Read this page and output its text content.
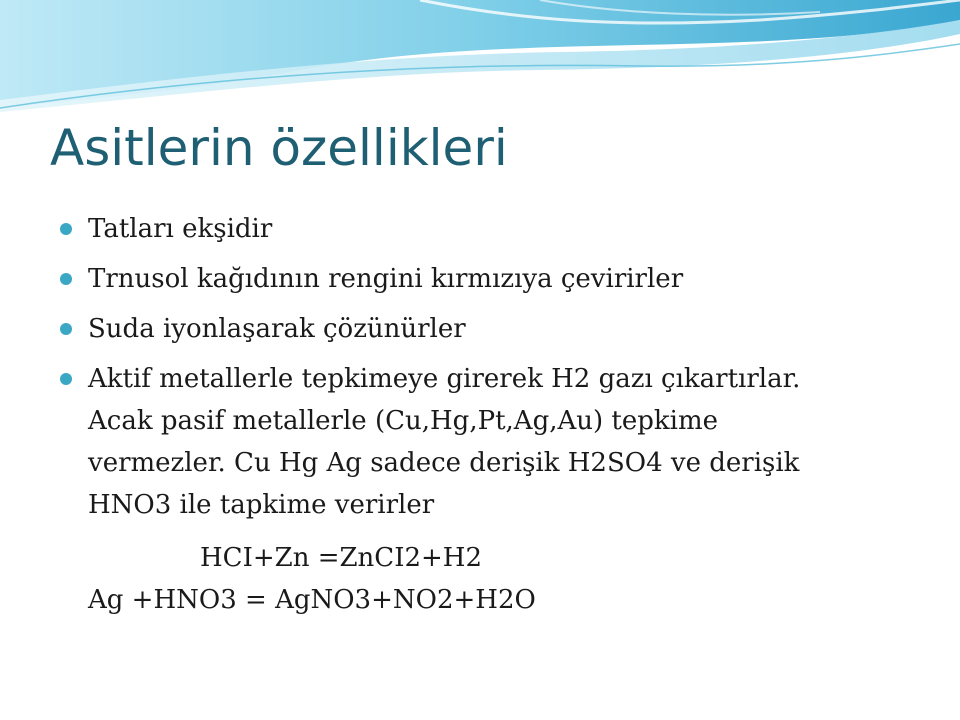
Asitlerin özellikleri
Tatları ekşidir
Trnusol kağıdının rengini kırmızıya çevirirler
Suda iyonlaşarak çözünürler
Aktif metallerle tepkimeye girerek H2 gazı çıkartırlar.
Acak pasif metallerle (Cu,Hg,Pt,Ag,Au) tepkime
vermezler. Cu Hg Ag sadece derişik H2SO4 ve derişik
HNO3 ile tapkime verirler
HCI+Zn =ZnCI2+H2
Ag +HNO3 = AgNO3+NO2+H2O
